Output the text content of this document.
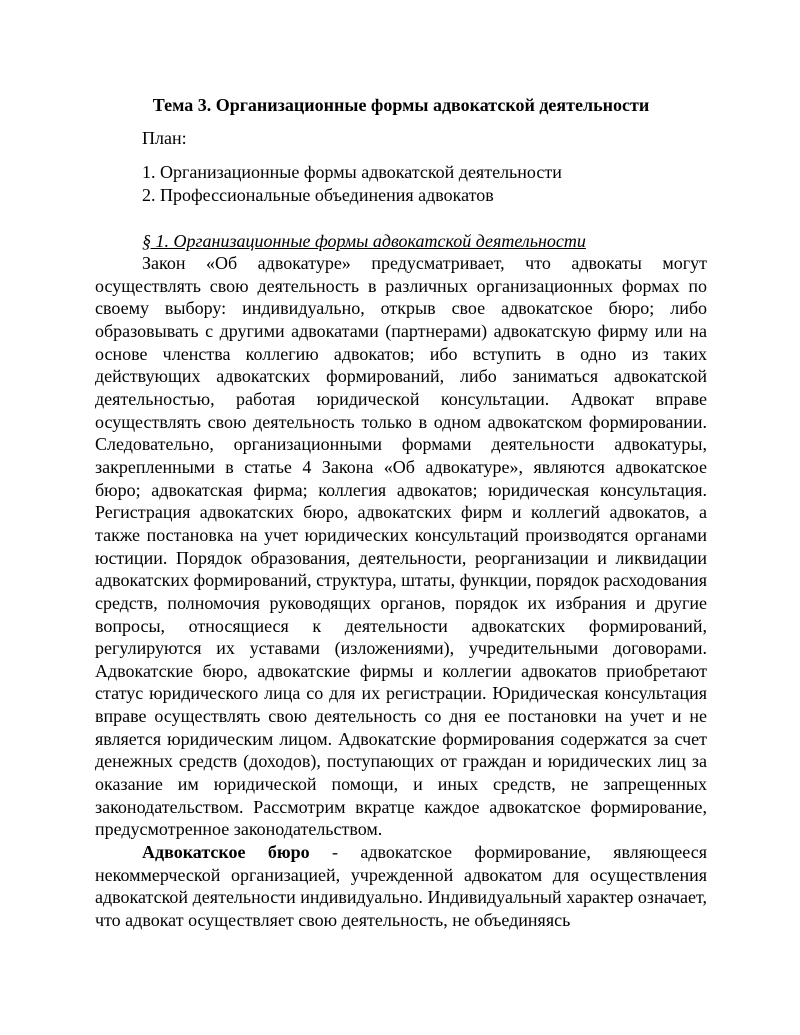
Тема 3. Организационные формы адвокатской деятельности
План:
1. Организационные формы адвокатской деятельности
2. Профессиональные объединения адвокатов
§ 1. Организационные формы адвокатской деятельности

Закон «Об адвокатуре» предусматривает, что адвокаты могут осуществлять свою деятельность в различных организационных формах по своему выбору: индивидуально, открыв свое адвокатское бюро; либо образовывать с другими адвокатами (партнерами) адвокатскую фирму или на основе членства коллегию адвокатов; ибо вступить в одно из таких действующих адвокатских формирований, либо заниматься адвокатской деятельностью, работая юридической консультации. Адвокат вправе осуществлять свою деятельность только в одном адвокатском формировании. Следовательно, организационными формами деятельности адвокатуры, закрепленными в статье 4 Закона «Об адвокатуре», являются адвокатское бюро; адвокатская фирма; коллегия адвокатов; юридическая консультация. Регистрация адвокатских бюро, адвокатских фирм и коллегий адвокатов, а также постановка на учет юридических консультаций производятся органами юстиции. Порядок образования, деятельности, реорганизации и ликвидации адвокатских формирований, структура, штаты, функции, порядок расходования средств, полномочия руководящих органов, порядок их избрания и другие вопросы, относящиеся к деятельности адвокатских формирований, регулируются их уставами (изложениями), учредительными договорами. Адвокатские бюро, адвокатские фирмы и коллегии адвокатов приобретают статус юридического лица со для их регистрации. Юридическая консультация вправе осуществлять свою деятельность со дня ее постановки на учет и не является юридическим лицом. Адвокатские формирования содержатся за счет денежных средств (доходов), поступающих от граждан и юридических лиц за оказание им юридической помощи, и иных средств, не запрещенных законодательством. Рассмотрим вкратце каждое адвокатское формирование, предусмотренное законодательством.

Адвокатское бюро - адвокатское формирование, являющееся некоммерческой организацией, учрежденной адвокатом для осуществления адвокатской деятельности индивидуально. Индивидуальный характер означает, что адвокат осуществляет свою деятельность, не объединяясь
